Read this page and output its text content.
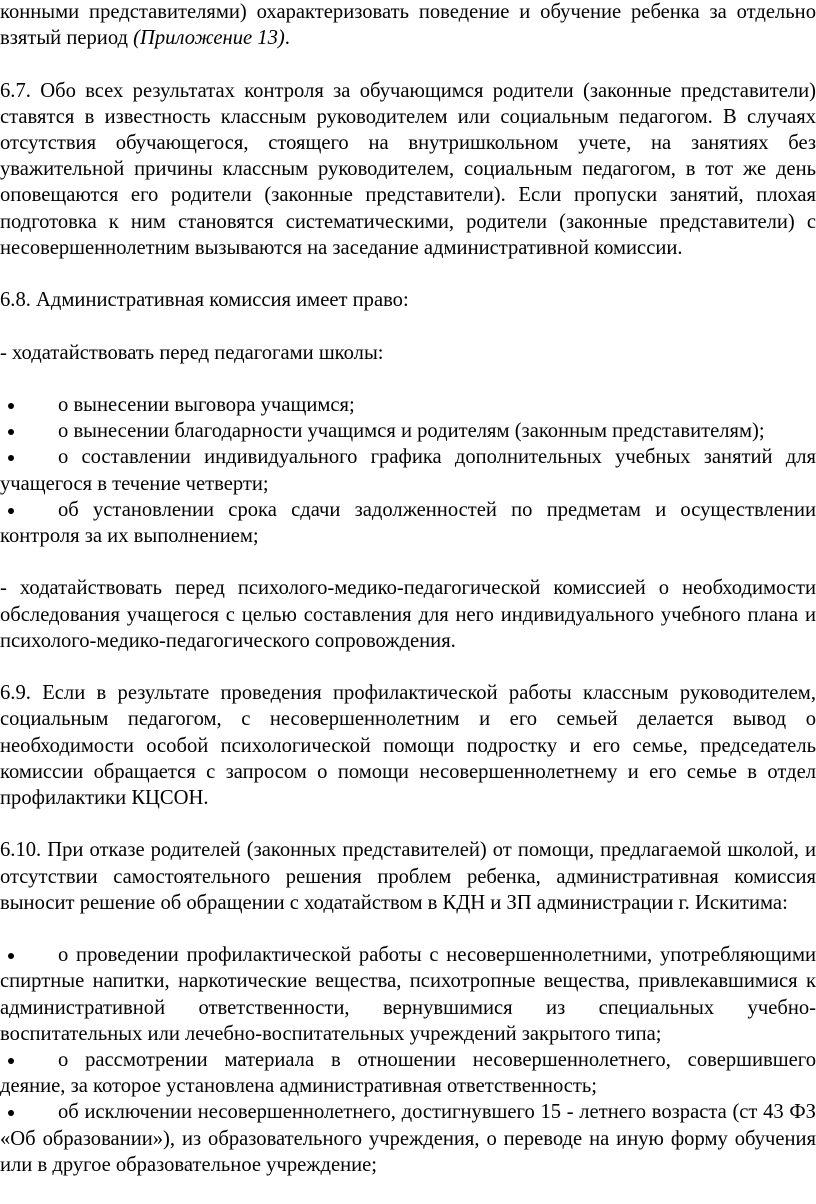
конными представителями) охарактеризовать поведение и обучение ребенка за отдельно взятый период (Приложение 13).

6.7. Обо всех результатах контроля за обучающимся родители (законные представители) ставятся в известность классным руководителем или социальным педагогом. В случаях отсутствия обучающегося, стоящего на внутришкольном учете, на занятиях без уважительной причины классным руководителем, социальным педагогом, в тот же день оповещаются его родители (законные представители). Если пропуски занятий, плохая подготовка к ним становятся систематическими, родители (законные представители) с несовершеннолетним вызываются на заседание административной комиссии.

6.8. Административная комиссия имеет право:

- ходатайствовать перед педагогами школы:

о вынесении выговора учащимся;
о вынесении благодарности учащимся и родителям (законным представителям);
о составлении индивидуального графика дополнительных учебных занятий для учащегося в течение четверти;
об установлении срока сдачи задолженностей по предметам и осуществлении контроля за их выполнением;

- ходатайствовать перед психолого-медико-педагогической комиссией о необходимости обследования учащегося с целью составления для него индивидуального учебного плана и психолого-медико-педагогического сопровождения.

6.9. Если в результате проведения профилактической работы классным руководителем, социальным педагогом, с несовершеннолетним и его семьей делается вывод о необходимости особой психологической помощи подростку и его семье, председатель комиссии обращается с запросом о помощи несовершеннолетнему и его семье в отдел профилактики КЦСОН.

6.10. При отказе родителей (законных представителей) от помощи, предлагаемой школой, и отсутствии самостоятельного решения проблем ребенка, административная комиссия выносит решение об обращении с ходатайством в КДН и ЗП администрации г. Искитима:

о проведении профилактической работы с несовершеннолетними, употребляющими спиртные напитки, наркотические вещества, психотропные вещества, привлекавшимися к административной ответственности, вернувшимися из специальных учебно-воспитательных или лечебно-воспитательных учреждений закрытого типа;
о рассмотрении материала в отношении несовершеннолетнего, совершившего деяние, за которое установлена административная ответственность;
об исключении несовершеннолетнего, достигнувшего 15 - летнего возраста (ст 43 ФЗ «Об образовании»), из образовательного учреждения, о переводе на иную форму обучения или в другое образовательное учреждение;
